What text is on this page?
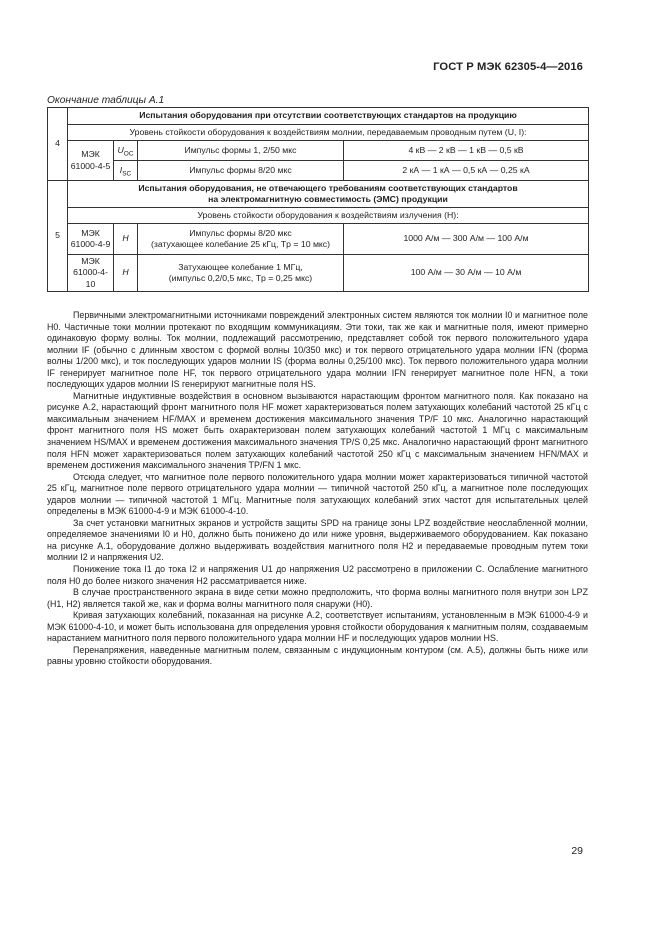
ГОСТ Р МЭК 62305-4—2016
Окончание таблицы А.1
4	Испытания оборудования при отсутствии соответствующих стандартов на продукцию			
	Уровень стойкости оборудования к воздействиям молнии, передаваемым проводным путем (U, I):			
	МЭК 61000-4-5	$U_{OC}$	Импульс формы 1, 2/50 мкс	4 кВ — 2 кВ — 1 кВ — 0,5 кВ
		$I_{SC}$	Импульс формы 8/20 мкс	2 кА — 1 кА — 0,5 кА — 0,25 кА
5	Испытания оборудования, не отвечающего требованиям соответствующих стандартов
на электромагнитную совместимость (ЭМС) продукции			
	Уровень стойкости оборудования к воздействиям излучения (H):			
	МЭК 61000-4-9	H	Импульс формы 8/20 мкс
(затухающее колебание 25 кГц, Tp = 10 мкс)	1000 А/м — 300 А/м — 100 А/м
	МЭК 61000-4-10	H	Затухающее колебание 1 МГц,
(импульс 0,2/0,5 мкс, Tp = 0,25 мкс)	100 А/м — 30 А/м — 10 А/м

Первичными электромагнитными источниками повреждений электронных систем являются ток молнии I0 и магнитное поле H0. Частичные токи молнии протекают по входящим коммуникациям. Эти токи, так же как и магнитные поля, имеют примерно одинаковую форму волны. Ток молнии, подлежащий рассмотрению, представляет собой ток первого положительного удара молнии IF (обычно с длинным хвостом с формой волны 10/350 мкс) и ток первого отрицательного удара молнии IFN (форма волны 1/200 мкс), и ток последующих ударов молнии IS (форма волны 0,25/100 мкс). Ток первого положительного удара молнии IF генерирует магнитное поле HF, ток первого отрицательного удара молнии IFN генерирует магнитное поле HFN, а токи последующих ударов молнии IS генерируют магнитные поля HS.

Магнитные индуктивные воздействия в основном вызываются нарастающим фронтом магнитного поля. Как показано на рисунке А.2, нарастающий фронт магнитного поля HF может характеризоваться полем затухающих колебаний частотой 25 кГц с максимальным значением HF/MAX и временем достижения максимального значения TP/F 10 мкс. Аналогично нарастающий фронт магнитного поля HS может быть охарактеризован полем затухающих колебаний частотой 1 МГц с максимальным значением HS/MAX и временем достижения максимального значения TP/S 0,25 мкс. Аналогично нарастающий фронт магнитного поля HFN может характеризоваться полем затухающих колебаний частотой 250 кГц с максимальным значением HFN/MAX и временем достижения максимального значения TP/FN 1 мкс.

Отсюда следует, что магнитное поле первого положительного удара молнии может характеризоваться типичной частотой 25 кГц, магнитное поле первого отрицательного удара молнии — типичной частотой 250 кГц, а магнитное поле последующих ударов молнии — типичной частотой 1 МГц. Магнитные поля затухающих колебаний этих частот для испытательных целей определены в МЭК 61000-4-9 и МЭК 61000-4-10.

За счет установки магнитных экранов и устройств защиты SPD на границе зоны LPZ воздействие неослабленной молнии, определяемое значениями I0 и H0, должно быть понижено до или ниже уровня, выдерживаемого оборудованием. Как показано на рисунке А.1, оборудование должно выдерживать воздействия магнитного поля H2 и передаваемые проводным путем токи молнии I2 и напряжения U2.

Понижение тока I1 до тока I2 и напряжения U1 до напряжения U2 рассмотрено в приложении С. Ослабление магнитного поля H0 до более низкого значения H2 рассматривается ниже.

В случае пространственного экрана в виде сетки можно предположить, что форма волны магнитного поля внутри зон LPZ (H1, H2) является такой же, как и форма волны магнитного поля снаружи (H0).

Кривая затухающих колебаний, показанная на рисунке А.2, соответствует испытаниям, установленным в МЭК 61000-4-9 и МЭК 61000-4-10, и может быть использована для определения уровня стойкости оборудования к магнитным полям, создаваемым нарастанием магнитного поля первого положительного удара молнии HF и последующих ударов молнии HS.

Перенапряжения, наведенные магнитным полем, связанным с индукционным контуром (см. А.5), должны быть ниже или равны уровню стойкости оборудования.

29
